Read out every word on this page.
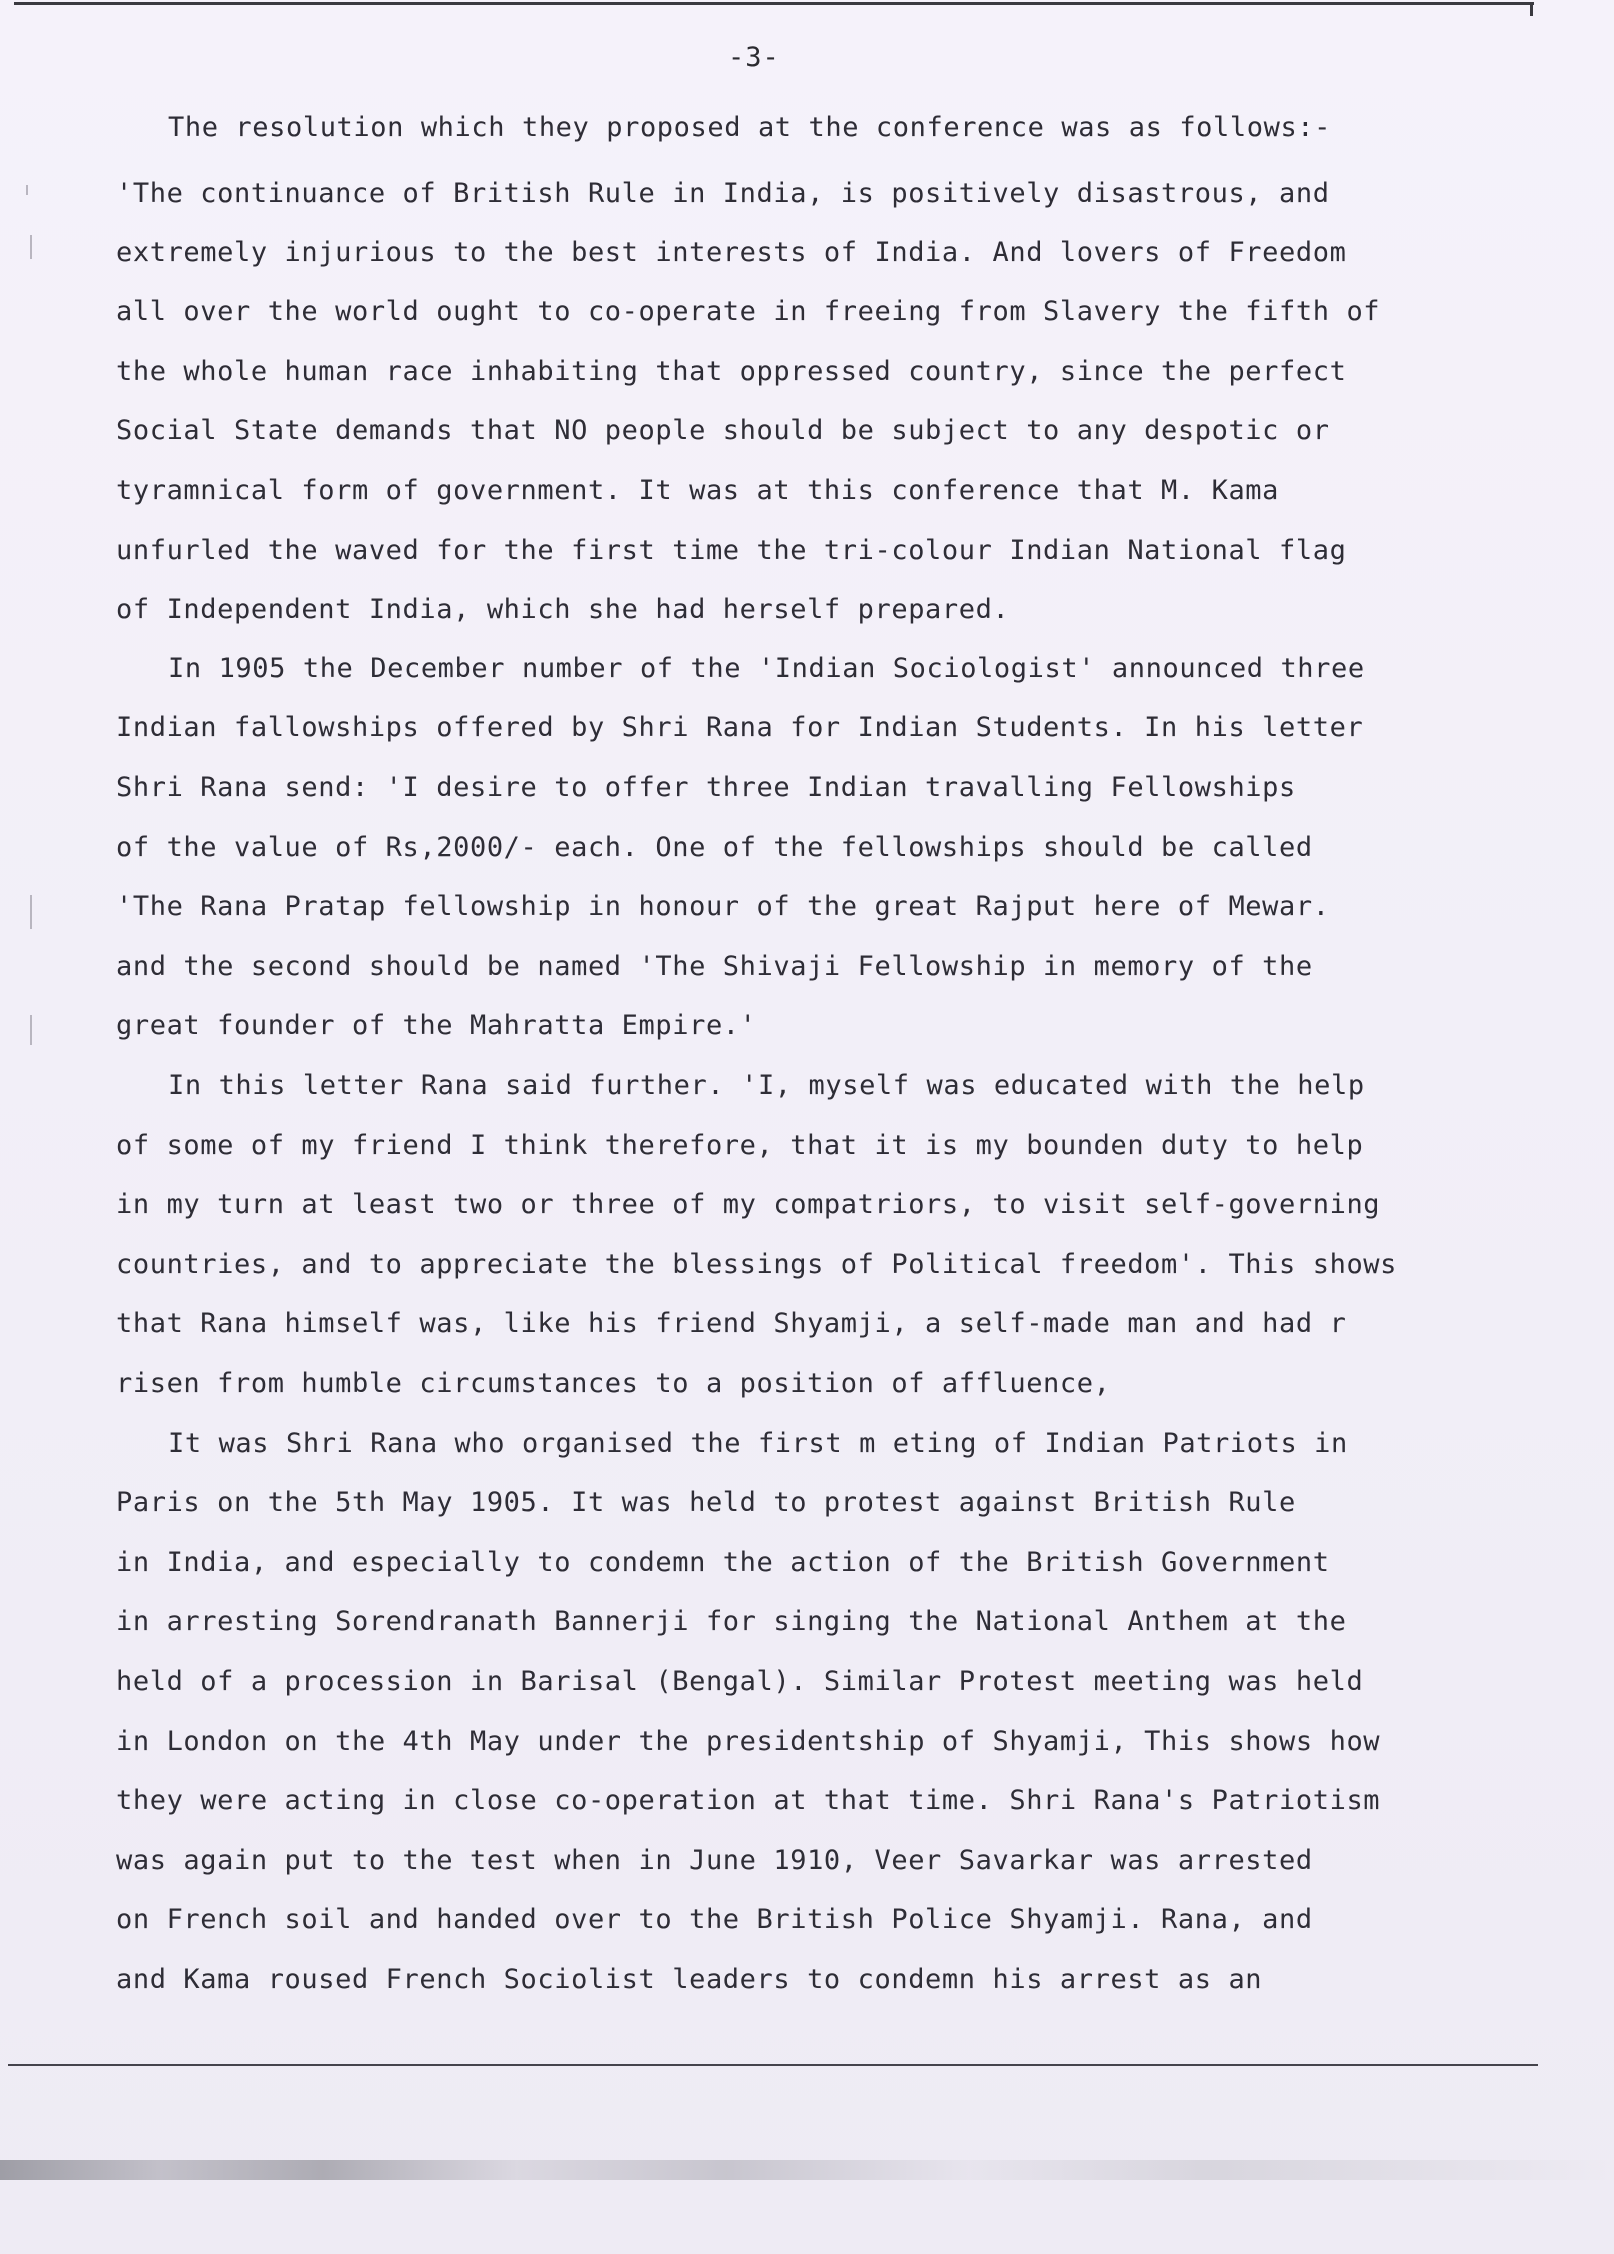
-3-
The resolution which they proposed at the conference was as follows:-
'The continuance of British Rule in India, is positively disastrous, and
extremely injurious to the best interests of India. And lovers of Freedom
all over the world ought to co-operate in freeing from Slavery the fifth of
the whole human race inhabiting that oppressed country, since the perfect
Social State demands that NO people should be subject to any despotic or
tyramnical form of government. It was at this conference that M. Kama
unfurled the waved for the first time the tri-colour Indian National flag
of Independent India, which she had herself prepared.
In 1905 the December number of the 'Indian Sociologist' announced three
Indian fallowships offered by Shri Rana for Indian Students. In his letter
Shri Rana send: 'I desire to offer three Indian travalling Fellowships
of the value of Rs,2000/- each. One of the fellowships should be called
'The Rana Pratap fellowship in honour of the great Rajput here of Mewar.
and the second should be named 'The Shivaji Fellowship in memory of the
great founder of the Mahratta Empire.'
In this letter Rana said further. 'I, myself was educated with the help
of some of my friend I think therefore, that it is my bounden duty to help
in my turn at least two or three of my compatriors, to visit self-governing
countries, and to appreciate the blessings of Political freedom'. This shows
that Rana himself was, like his friend Shyamji, a self-made man and had r
risen from humble circumstances to a position of affluence,
It was Shri Rana who organised the first m eting of Indian Patriots in
Paris on the 5th May 1905. It was held to protest against British Rule
in India, and especially to condemn the action of the British Government
in arresting Sorendranath Bannerji for singing the National Anthem at the
held of a procession in Barisal (Bengal). Similar Protest meeting was held
in London on the 4th May under the presidentship of Shyamji, This shows how
they were acting in close co-operation at that time. Shri Rana's Patriotism
was again put to the test when in June 1910, Veer Savarkar was arrested
on French soil and handed over to the British Police Shyamji. Rana, and
and Kama roused French Sociolist leaders to condemn his arrest as an
